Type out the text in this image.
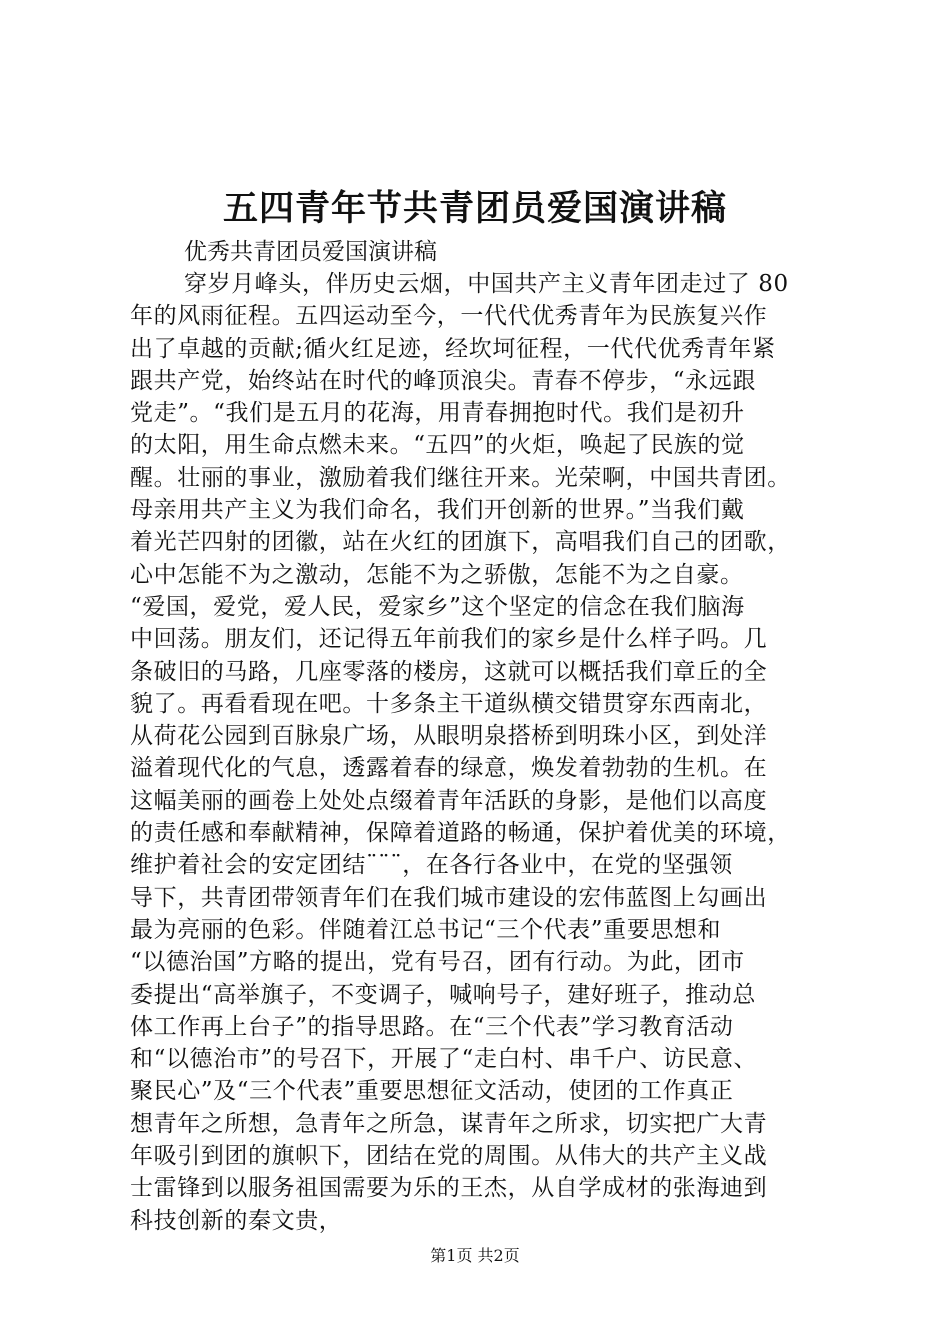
五四青年节共青团员爱国演讲稿

优秀共青团员爱国演讲稿

穿岁月峰头，伴历史云烟，中国共产主义青年团走过了 80
年的风雨征程。五四运动至今，一代代优秀青年为民族复兴作
出了卓越的贡献;循火红足迹，经坎坷征程，一代代优秀青年紧
跟共产党，始终站在时代的峰顶浪尖。青春不停步，“永远跟
党走”。“我们是五月的花海，用青春拥抱时代。我们是初升
的太阳，用生命点燃未来。“五四”的火炬，唤起了民族的觉
醒。壮丽的事业，激励着我们继往开来。光荣啊，中国共青团。
母亲用共产主义为我们命名，我们开创新的世界。”当我们戴
着光芒四射的团徽，站在火红的团旗下，高唱我们自己的团歌，
心中怎能不为之激动，怎能不为之骄傲，怎能不为之自豪。
“爱国，爱党，爱人民，爱家乡”这个坚定的信念在我们脑海
中回荡。朋友们，还记得五年前我们的家乡是什么样子吗。几
条破旧的马路，几座零落的楼房，这就可以概括我们章丘的全
貌了。再看看现在吧。十多条主干道纵横交错贯穿东西南北，
从荷花公园到百脉泉广场，从眼明泉搭桥到明珠小区，到处洋
溢着现代化的气息，透露着春的绿意，焕发着勃勃的生机。在
这幅美丽的画卷上处处点缀着青年活跃的身影，是他们以高度
的责任感和奉献精神，保障着道路的畅通，保护着优美的环境，
维护着社会的安定团结¨¨¨，在各行各业中，在党的坚强领
导下，共青团带领青年们在我们城市建设的宏伟蓝图上勾画出
最为亮丽的色彩。伴随着江总书记“三个代表”重要思想和
“以德治国”方略的提出，党有号召，团有行动。为此，团市
委提出“高举旗子，不变调子，喊响号子，建好班子，推动总
体工作再上台子”的指导思路。在“三个代表”学习教育活动
和“以德治市”的号召下，开展了“走白村、串千户、访民意、
聚民心”及“三个代表”重要思想征文活动，使团的工作真正
想青年之所想，急青年之所急，谋青年之所求，切实把广大青
年吸引到团的旗帜下，团结在党的周围。从伟大的共产主义战
士雷锋到以服务祖国需要为乐的王杰，从自学成材的张海迪到
科技创新的秦文贵，

第1页 共2页
